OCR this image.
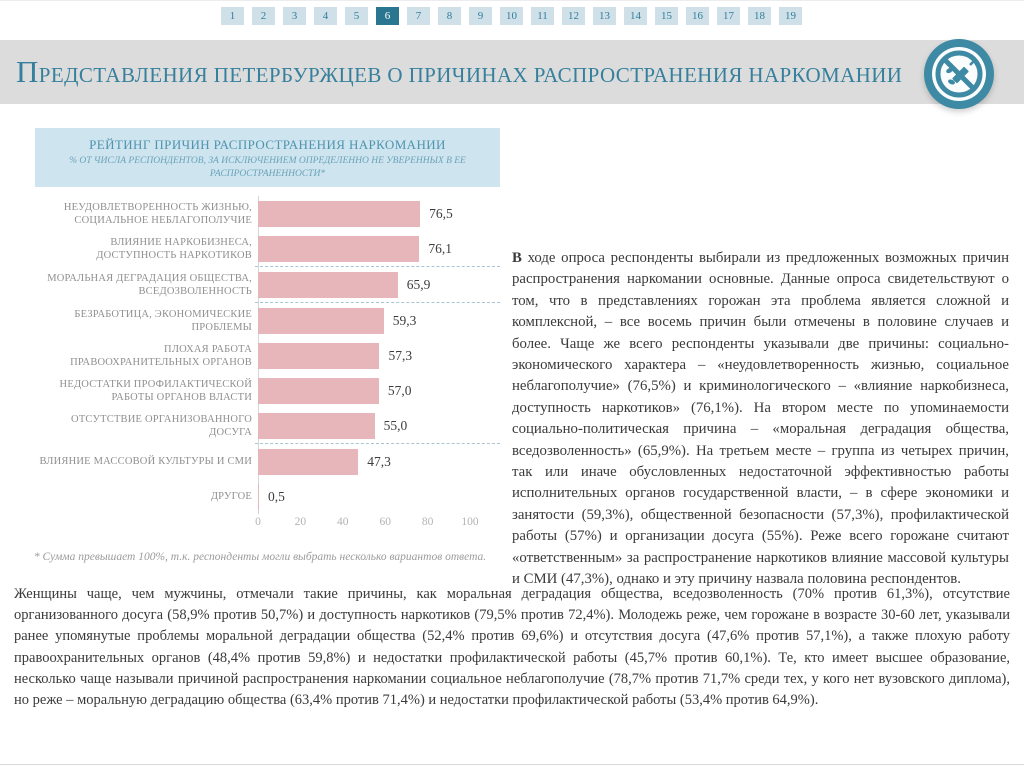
1	2	3	4	5	6	7	8	9	10	11	12	13	14	15	16	17	18	19
ПРЕДСТАВЛЕНИЯ ПЕТЕРБУРЖЦЕВ О ПРИЧИНАХ РАСПРОСТРАНЕНИЯ НАРКОМАНИИ
РЕЙТИНГ ПРИЧИН РАСПРОСТРАНЕНИЯ НАРКОМАНИИ
% ОТ ЧИСЛА РЕСПОНДЕНТОВ, ЗА ИСКЛЮЧЕНИЕМ ОПРЕДЕЛЕННО НЕ УВЕРЕННЫХ В ЕЕ РАСПРОСТРАНЕННОСТИ*
НЕУДОВЛЕТВОРЕННОСТЬ ЖИЗНЬЮ, СОЦИАЛЬНОЕ НЕБЛАГОПОЛУЧИЕ	76,5
ВЛИЯНИЕ НАРКОБИЗНЕСА, ДОСТУПНОСТЬ НАРКОТИКОВ	76,1
МОРАЛЬНАЯ ДЕГРАДАЦИЯ ОБЩЕСТВА, ВСЕДОЗВОЛЕННОСТЬ	65,9
БЕЗРАБОТИЦА, ЭКОНОМИЧЕСКИЕ ПРОБЛЕМЫ	59,3
ПЛОХАЯ РАБОТА ПРАВООХРАНИТЕЛЬНЫХ ОРГАНОВ	57,3
НЕДОСТАТКИ ПРОФИЛАКТИЧЕСКОЙ РАБОТЫ ОРГАНОВ ВЛАСТИ	57,0
ОТСУТСТВИЕ ОРГАНИЗОВАННОГО ДОСУГА	55,0
ВЛИЯНИЕ МАССОВОЙ КУЛЬТУРЫ И СМИ	47,3
ДРУГОЕ 0,5
0	20	40	60	80 100
* Сумма превышает 100%, т.к. респонденты могли выбрать несколько вариантов ответа.
В ходе опроса респонденты выбирали из предложенных возможных причин распространения наркомании основные. Данные опроса свидетельствуют о том, что в представлениях горожан эта проблема является сложной и комплексной, – все восемь причин были отмечены в половине случаев и более. Чаще же всего респонденты указывали две причины: социально-экономического характера – «неудовлетворенность жизнью, социальное неблагополучие» (76,5%) и криминологического – «влияние наркобизнеса, доступность наркотиков» (76,1%). На втором месте по упоминаемости социально-политическая причина – «моральная деградация общества, вседозволенность» (65,9%). На третьем месте – группа из четырех причин, так или иначе обусловленных недостаточной эффективностью работы исполнительных органов государственной власти, – в сфере экономики и занятости (59,3%), общественной безопасности (57,3%), профилактической работы (57%) и организации досуга (55%). Реже всего горожане считают «ответственным» за распространение наркотиков влияние массовой культуры и СМИ (47,3%), однако и эту причину назвала половина респондентов.
Женщины чаще, чем мужчины, отмечали такие причины, как моральная деградация общества, вседозволенность (70% против 61,3%), отсутствие организованного досуга (58,9% против 50,7%) и доступность наркотиков (79,5% против 72,4%). Молодежь реже, чем горожане в возрасте 30-60 лет, указывали ранее упомянутые проблемы моральной деградации общества (52,4% против 69,6%) и отсутствия досуга (47,6% против 57,1%), а также плохую работу правоохранительных органов (48,4% против 59,8%) и недостатки профилактической работы (45,7% против 60,1%). Те, кто имеет высшее образование, несколько чаще называли причиной распространения наркомании социальное неблагополучие (78,7% против 71,7% среди тех, у кого нет вузовского диплома), но реже – моральную деградацию общества (63,4% против 71,4%) и недостатки профилактической работы (53,4% против 64,9%).
